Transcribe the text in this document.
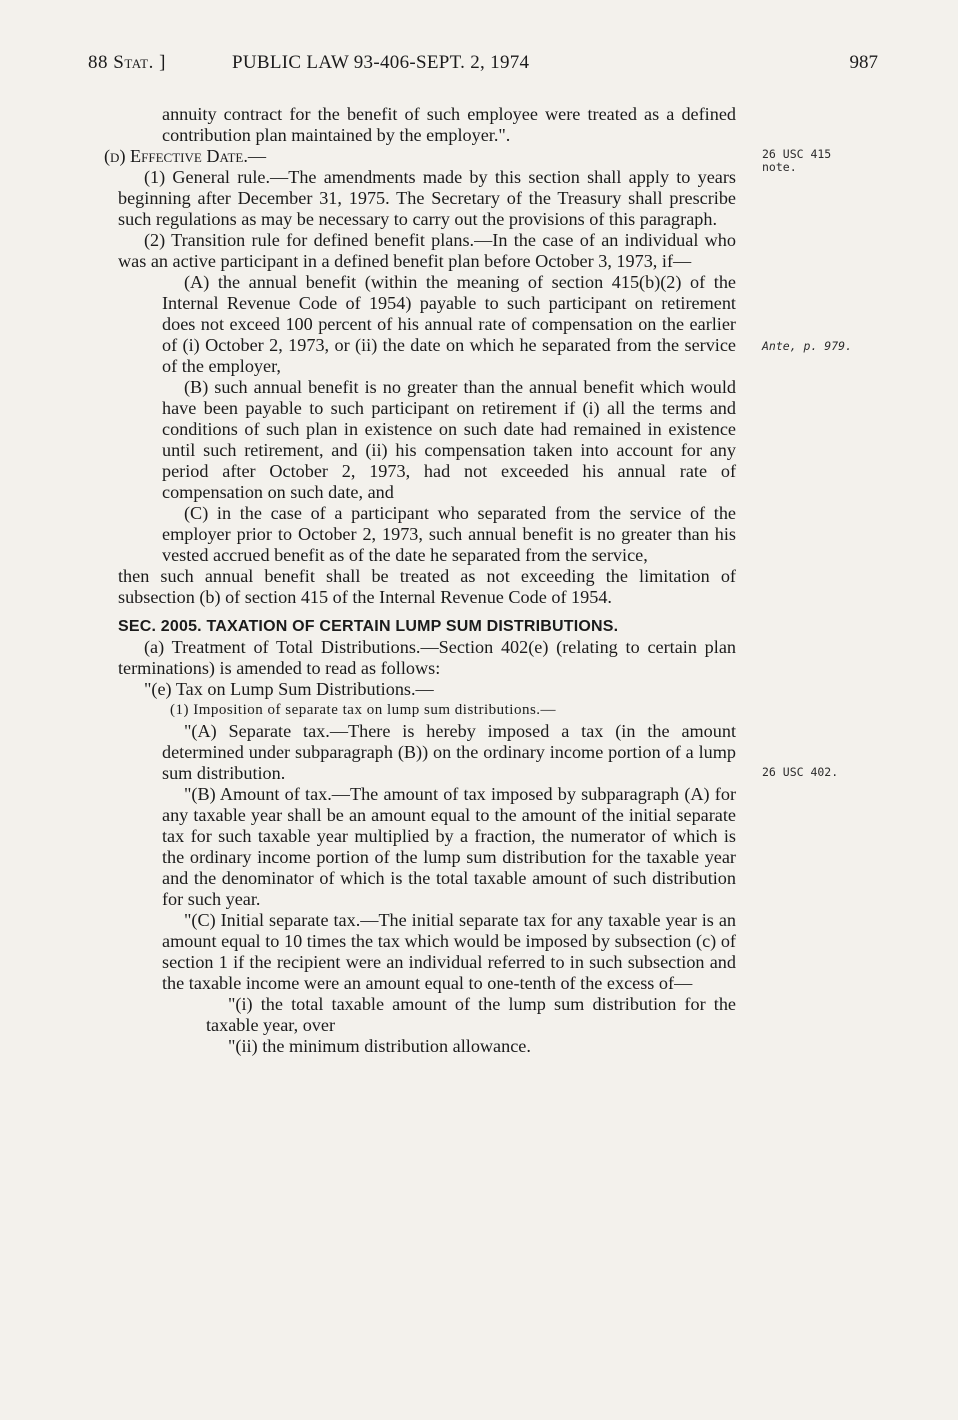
88 Stat. ]	PUBLIC LAW 93-406-SEPT. 2, 1974	987
26 USC 415 note.
Ante, p. 979.
26 USC 402.

annuity contract for the benefit of such employee were treated as a defined contribution plan maintained by the employer.".

(d) Effective Date.—

(1) General rule.—The amendments made by this section shall apply to years beginning after December 31, 1975. The Secretary of the Treasury shall prescribe such regulations as may be necessary to carry out the provisions of this paragraph.

(2) Transition rule for defined benefit plans.—In the case of an individual who was an active participant in a defined benefit plan before October 3, 1973, if—

(A) the annual benefit (within the meaning of section 415(b)(2) of the Internal Revenue Code of 1954) payable to such participant on retirement does not exceed 100 percent of his annual rate of compensation on the earlier of (i) October 2, 1973, or (ii) the date on which he separated from the service of the employer,

(B) such annual benefit is no greater than the annual benefit which would have been payable to such participant on retirement if (i) all the terms and conditions of such plan in existence on such date had remained in existence until such retirement, and (ii) his compensation taken into account for any period after October 2, 1973, had not exceeded his annual rate of compensation on such date, and

(C) in the case of a participant who separated from the service of the employer prior to October 2, 1973, such annual benefit is no greater than his vested accrued benefit as of the date he separated from the service,

then such annual benefit shall be treated as not exceeding the limitation of subsection (b) of section 415 of the Internal Revenue Code of 1954.

SEC. 2005. TAXATION OF CERTAIN LUMP SUM DISTRIBUTIONS.

(a) Treatment of Total Distributions.—Section 402(e) (relating to certain plan terminations) is amended to read as follows:

"(e) Tax on Lump Sum Distributions.—

(1) Imposition of separate tax on lump sum distributions.—

"(A) Separate tax.—There is hereby imposed a tax (in the amount determined under subparagraph (B)) on the ordinary income portion of a lump sum distribution.

"(B) Amount of tax.—The amount of tax imposed by subparagraph (A) for any taxable year shall be an amount equal to the amount of the initial separate tax for such taxable year multiplied by a fraction, the numerator of which is the ordinary income portion of the lump sum distribution for the taxable year and the denominator of which is the total taxable amount of such distribution for such year.

"(C) Initial separate tax.—The initial separate tax for any taxable year is an amount equal to 10 times the tax which would be imposed by subsection (c) of section 1 if the recipient were an individual referred to in such subsection and the taxable income were an amount equal to one-tenth of the excess of—

"(i) the total taxable amount of the lump sum distribution for the taxable year, over

"(ii) the minimum distribution allowance.
